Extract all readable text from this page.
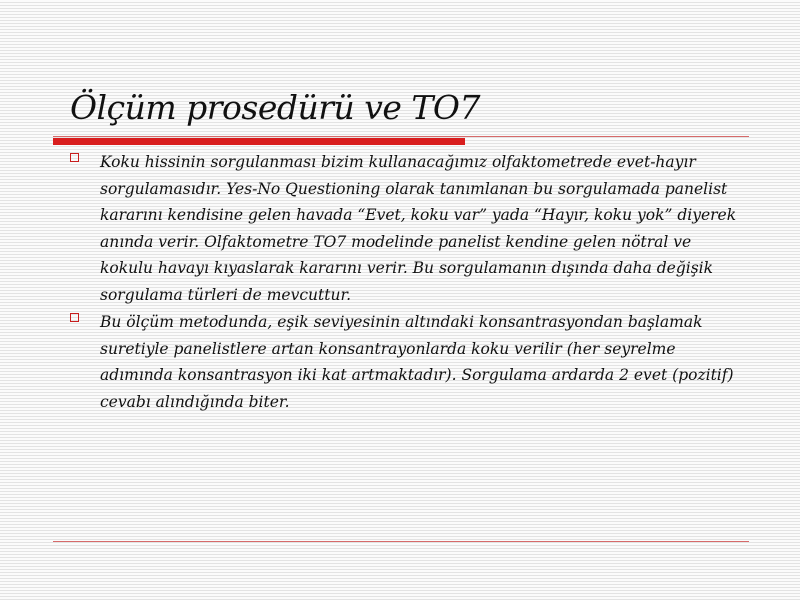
Ölçüm prosedürü ve TO7
Koku hissinin sorgulanması bizim kullanacağımız olfaktometrede evet-hayır sorgulamasıdır. Yes-No Questioning olarak tanımlanan bu sorgulamada panelist kararını kendisine gelen havada “Evet, koku var” yada “Hayır, koku yok” diyerek anında verir. Olfaktometre TO7 modelinde panelist kendine gelen nötral ve kokulu havayı kıyaslarak kararını verir. Bu sorgulamanın dışında daha değişik sorgulama türleri de mevcuttur.
Bu ölçüm metodunda, eşik seviyesinin altındaki konsantrasyondan başlamak suretiyle panelistlere artan konsantrayonlarda koku verilir (her seyrelme adımında konsantrasyon iki kat artmaktadır). Sorgulama ardarda 2 evet (pozitif) cevabı alındığında biter.
